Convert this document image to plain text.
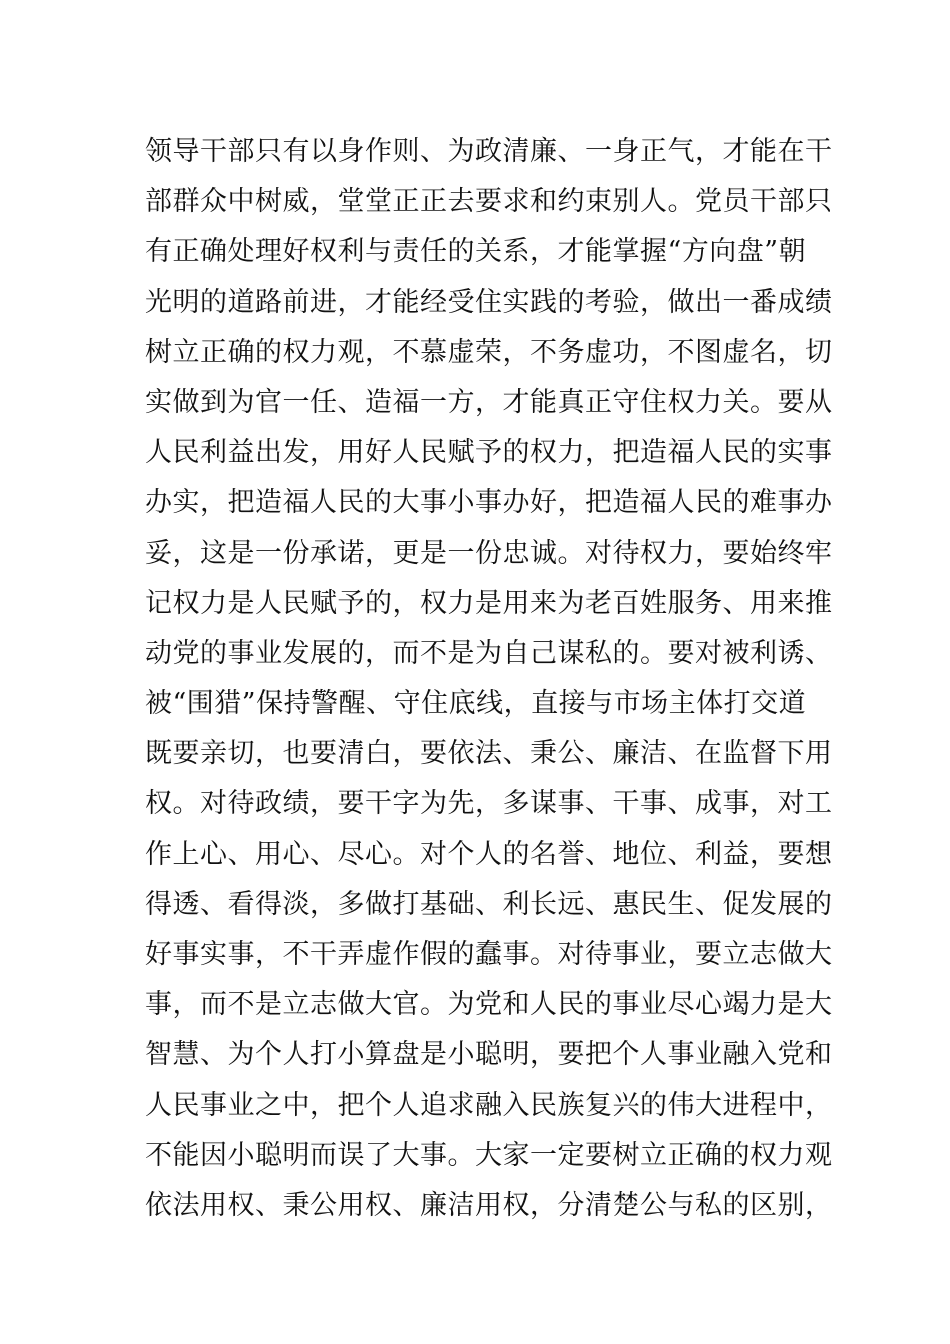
领导干部只有以身作则、为政清廉、一身正气，才能在干
部群众中树威，堂堂正正去要求和约束别人。党员干部只
有正确处理好权利与责任的关系，才能掌握“方向盘”朝
光明的道路前进，才能经受住实践的考验，做出一番成绩
树立正确的权力观，不慕虚荣，不务虚功，不图虚名，切
实做到为官一任、造福一方，才能真正守住权力关。要从
人民利益出发，用好人民赋予的权力，把造福人民的实事
办实，把造福人民的大事小事办好，把造福人民的难事办
妥，这是一份承诺，更是一份忠诚。对待权力，要始终牢
记权力是人民赋予的，权力是用来为老百姓服务、用来推
动党的事业发展的，而不是为自己谋私的。要对被利诱、
被“围猎”保持警醒、守住底线，直接与市场主体打交道
既要亲切，也要清白，要依法、秉公、廉洁、在监督下用
权。对待政绩，要干字为先，多谋事、干事、成事，对工
作上心、用心、尽心。对个人的名誉、地位、利益，要想
得透、看得淡，多做打基础、利长远、惠民生、促发展的
好事实事，不干弄虚作假的蠢事。对待事业，要立志做大
事，而不是立志做大官。为党和人民的事业尽心竭力是大
智慧、为个人打小算盘是小聪明，要把个人事业融入党和
人民事业之中，把个人追求融入民族复兴的伟大进程中，
不能因小聪明而误了大事。大家一定要树立正确的权力观
依法用权、秉公用权、廉洁用权，分清楚公与私的区别，
